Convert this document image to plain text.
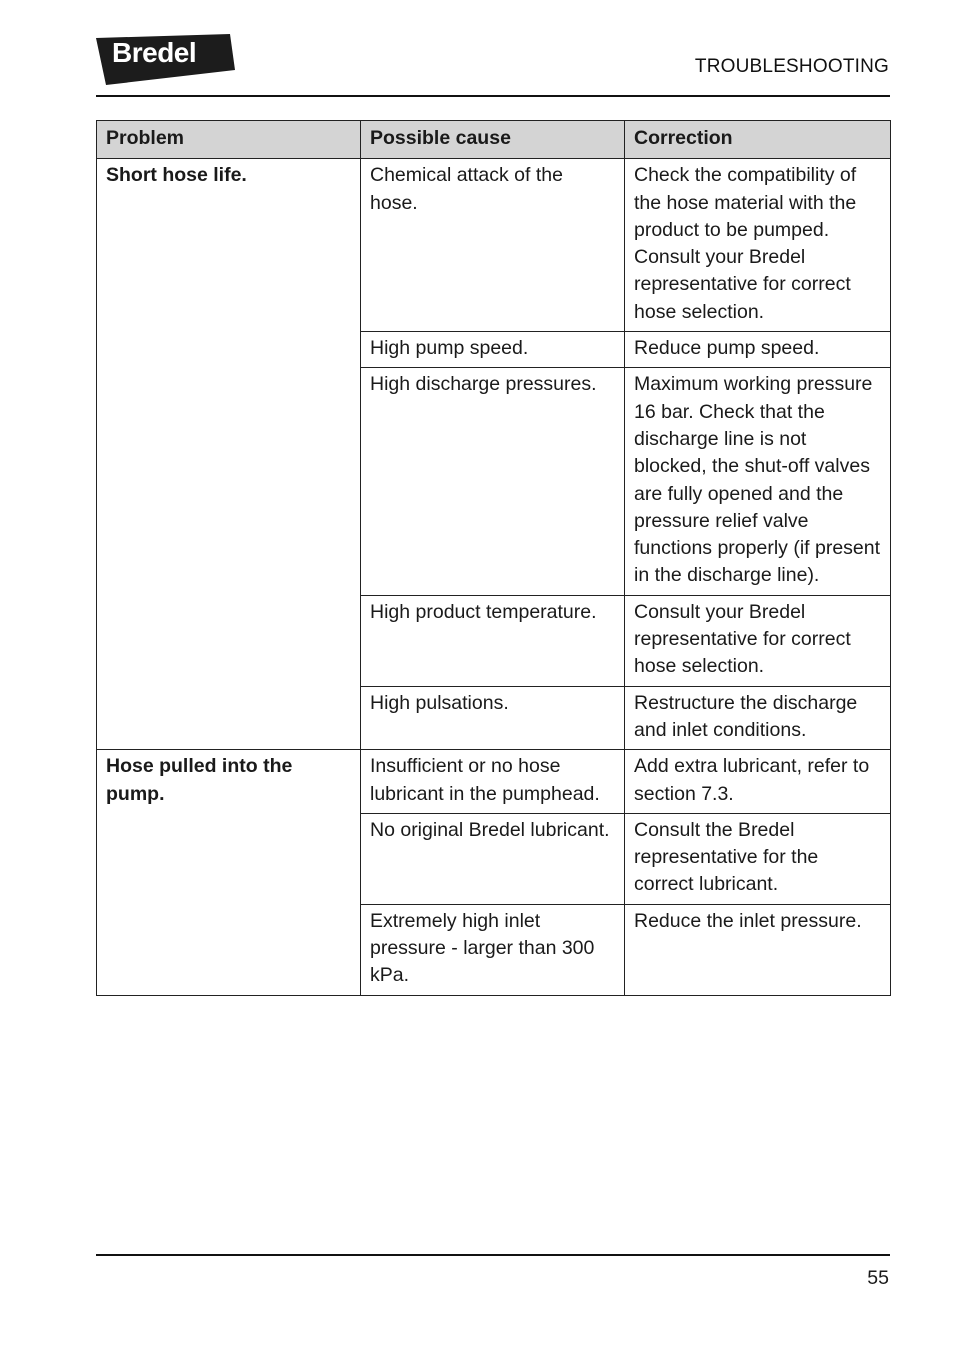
Bredel	TROUBLESHOOTING
Problem	Possible cause	Correction
Short hose life.	Chemical attack of the hose.	Check the compatibility of the hose material with the product to be pumped. Consult your Bredel representative for correct hose selection.
	High pump speed.	Reduce pump speed.
	High discharge pressures.	Maximum working pressure 16 bar. Check that the discharge line is not blocked, the shut-off valves are fully opened and the pressure relief valve functions properly (if present in the discharge line).
	High product temperature.	Consult your Bredel representative for correct hose selection.
	High pulsations.	Restructure the discharge and inlet conditions.
Hose pulled into the pump.	Insufficient or no hose lubricant in the pumphead.	Add extra lubricant, refer to section 7.3.
	No original Bredel lubricant.	Consult the Bredel representative for the correct lubricant.
	Extremely high inlet pressure - larger than 300 kPa.	Reduce the inlet pressure.
55
